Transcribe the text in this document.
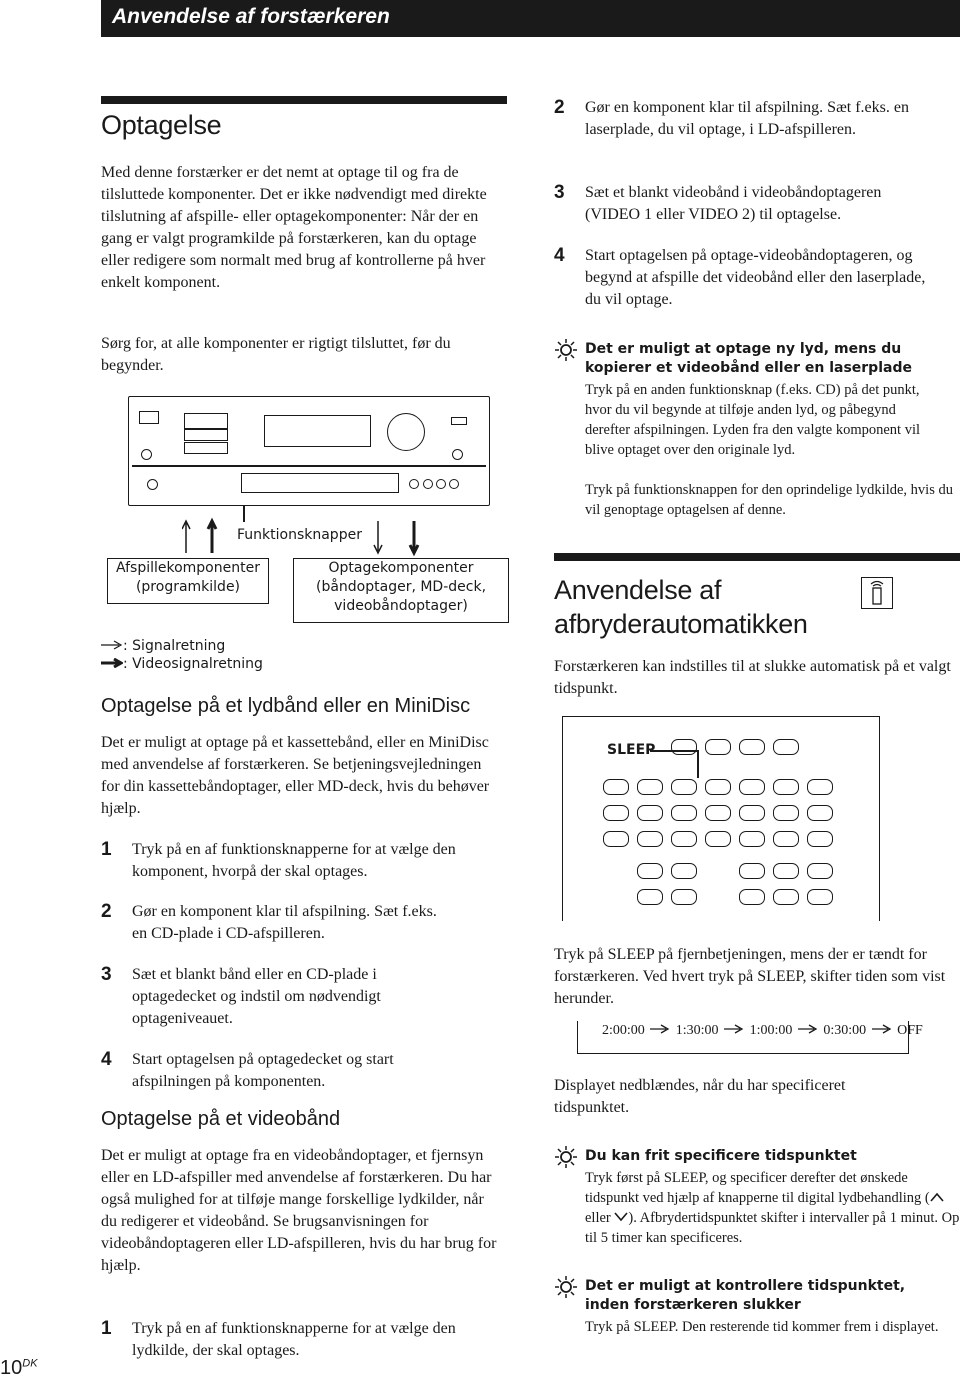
Anvendelse af forstærkeren
Optagelse
Med denne forstærker er det nemt at optage til og fra de tilsluttede komponenter. Det er ikke nødvendigt med direkte tilslutning af afspille- eller optagekomponenter: Når der en gang er valgt programkilde på forstærkeren, kan du optage eller redigere som normalt med brug af kontrollerne på hver enkelt komponent.
Sørg for, at alle komponenter er rigtigt tilsluttet, før du begynder.
Funktionsknapper
Afspillekomponenter
(programkilde)
Optagekomponenter
(båndoptager, MD-deck,
videobåndoptager)
: Signalretning
: Videosignalretning
Optagelse på et lydbånd eller en MiniDisc
Det er muligt at optage på et kassettebånd, eller en MiniDisc med anvendelse af forstærkeren. Se betjeningsvejledningen for din kassettebåndoptager, eller MD-deck, hvis du behøver hjælp.
1 Tryk på en af funktionsknapperne for at vælge den komponent, hvorpå der skal optages.
2 Gør en komponent klar til afspilning. Sæt f.eks. en CD-plade i CD-afspilleren.
3 Sæt et blankt bånd eller en CD-plade i optagedecket og indstil om nødvendigt optageniveauet.
4 Start optagelsen på optagedecket og start afspilningen på komponenten.
Optagelse på et videobånd
Det er muligt at optage fra en videobåndoptager, et fjernsyn eller en LD-afspiller med anvendelse af forstærkeren. Du har også mulighed for at tilføje mange forskellige lydkilder, når du redigerer et videobånd. Se brugsanvisningen for videobåndoptageren eller LD-afspilleren, hvis du har brug for hjælp.
1 Tryk på en af funktionsknapperne for at vælge den lydkilde, der skal optages.
2 Gør en komponent klar til afspilning. Sæt f.eks. en laserplade, du vil optage, i LD-afspilleren.
3 Sæt et blankt videobånd i videobåndoptageren (VIDEO 1 eller VIDEO 2) til optagelse.
4 Start optagelsen på optage-videobåndoptageren, og begynd at afspille det videobånd eller den laserplade, du vil optage.
Det er muligt at optage ny lyd, mens du kopierer et videobånd eller en laserplade
Tryk på en anden funktionsknap (f.eks. CD) på det punkt, hvor du vil begynde at tilføje anden lyd, og påbegynd derefter afspilningen. Lyden fra den valgte komponent vil blive optaget over den originale lyd.
Tryk på funktionsknappen for den oprindelige lydkilde, hvis du vil genoptage optagelsen af denne.
Anvendelse af afbryderautomatikken
Forstærkeren kan indstilles til at slukke automatisk på et valgt tidspunkt.
SLEEP
Tryk på SLEEP på fjernbetjeningen, mens der er tændt for forstærkeren. Ved hvert tryk på SLEEP, skifter tiden som vist herunder.
2:00:00 1:30:00 1:00:00 0:30:00 OFF
Displayet nedblændes, når du har specificeret tidspunktet.
Du kan frit specificere tidspunktet
Tryk først på SLEEP, og specificer derefter det ønskede tidspunkt ved hjælp af knapperne til digital lydbehandling ( eller ). Afbrydertidspunktet skifter i intervaller på 1 minut. Op til 5 timer kan specificeres.
Det er muligt at kontrollere tidspunktet, inden forstærkeren slukker
Tryk på SLEEP. Den resterende tid kommer frem i displayet.
$10^{DK}$
